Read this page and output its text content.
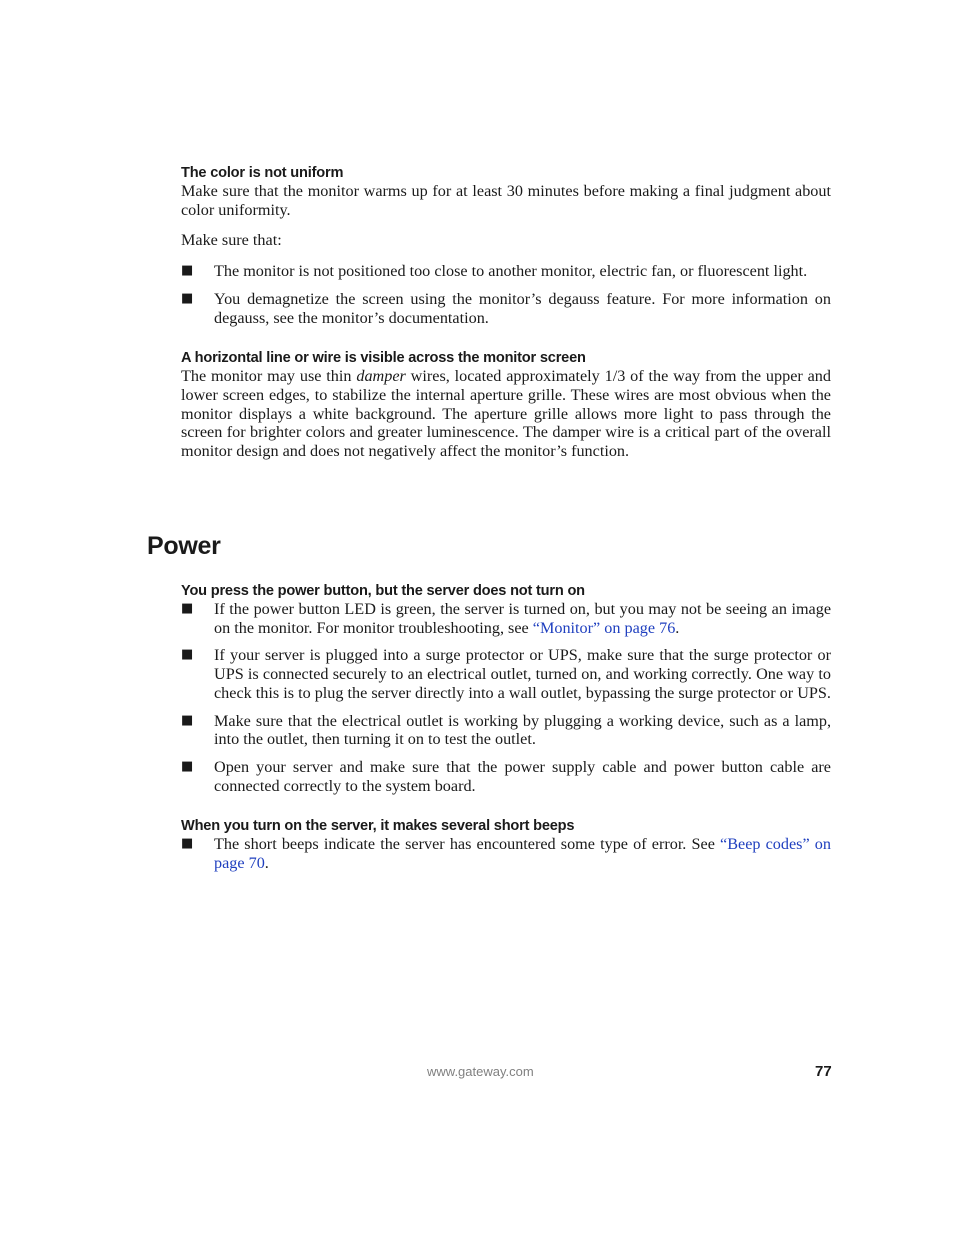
The color is not uniform

Make sure that the monitor warms up for at least 30 minutes before making a final judgment about color uniformity.

Make sure that:

■ The monitor is not positioned too close to another monitor, electric fan, or fluorescent light.
■ You demagnetize the screen using the monitor’s degauss feature. For more information on degauss, see the monitor’s documentation.
A horizontal line or wire is visible across the monitor screen

The monitor may use thin damper wires, located approximately 1/3 of the way from the upper and lower screen edges, to stabilize the internal aperture grille. These wires are most obvious when the monitor displays a white background. The aperture grille allows more light to pass through the screen for brighter colors and greater luminescence. The damper wire is a critical part of the overall monitor design and does not negatively affect the monitor’s function.

Power
You press the power button, but the server does not turn on
■ If the power button LED is green, the server is turned on, but you may not be seeing an image on the monitor. For monitor troubleshooting, see “Monitor” on page 76.
■ If your server is plugged into a surge protector or UPS, make sure that the surge protector or UPS is connected securely to an electrical outlet, turned on, and working correctly. One way to check this is to plug the server directly into a wall outlet, bypassing the surge protector or UPS.
■ Make sure that the electrical outlet is working by plugging a working device, such as a lamp, into the outlet, then turning it on to test the outlet.
■ Open your server and make sure that the power supply cable and power button cable are connected correctly to the system board.
When you turn on the server, it makes several short beeps
■ The short beeps indicate the server has encountered some type of error. See “Beep codes” on page 70.
www.gateway.com	77
